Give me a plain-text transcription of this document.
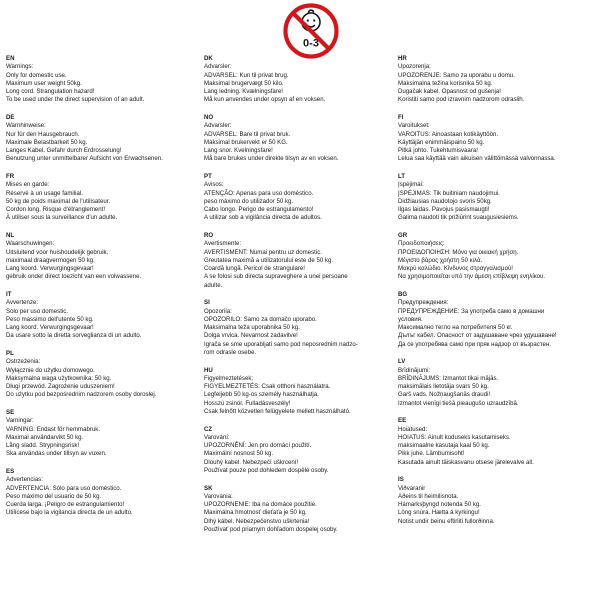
0-3
EN
Warnings:
Only for domestic use.
Maximum user weight 50kg.
Long cord. Strangulation hazard!
To be used under the direct supervision of an adult.
DE
Warnhinweise:
Nur für den Hausgebrauch.
Maximale Belastbarkeit 50 kg.
Langes Kabel. Gefahr durch Erdrosselung!
Benutzung unter unmittelbarer Aufsicht von Erwachsenen.
FR
Mises en garde:
Réservé à un usage familial.
50 kg de poids maximal de l'utilisateur.
Cordon long. Risque d'étranglement!
À utiliser sous la surveillance d'un adulte.
NL
Waarschuwingen:
Uitsluitend voor huishoudelijk gebruik.
maximaal draagvermogen 50 kg.
Lang koord. Verwurgingsgevaar!
gebruik onder direct toezicht van een volwassene.
IT
Avvertenze:
Solo per uso domestic.
Peso massimo dell'utente 50 kg.
Lang koord. Verwurgingsgevaar!
Da usare sotto la diretta sorveglianza di un adulto.
PL
Ostrzeżenia:
Wyłącznie do użytku domowego.
Maksymalna waga użytkownika: 50 kg.
Długi przewód. Zagrożenie uduszeniem!
Do użytku pod bezpośrednim nadzorem osoby dorosłej.
SE
Varningar:
VARNING: Endast för hemmabruk.
Maximal användarvikt 50 kg.
Lång sladd. Strypningsrisk!
Ska användas under tillsyn av vuxen.
ES
Advertencias:
ADVERTENCIA: Sólo para uso doméstico.
Peso máximo del usuario de 50 kg.
Cuerda larga. ¡Peligro de estrangulamiento!
Utilícese bajo la vigilancia directa de un adulto.
DK
Advarsler:
ADVARSEL: Kun til privat brug.
Maksimal brugervægt 50 kilo.
Lang ledning. Kvælningsfare!
Må kun anvendes under opsyn af en voksen.
NO
Advarsler:
ADVARSEL: Bare til privat bruk.
Maksimal brukervekt er 50 KG.
Lang snor. Kvelningsfare!
Må bare brukes under direkte tilsyn av en voksen.
PT
Avisos:
ATENÇÃO: Apenas para uso doméstico.
peso máximo do utilizador 50 kg.
Cabo longo. Perigo de estrangulamento!
A utilizar sob a vigilância directa de adultos.
RO
Avertismente:
AVERTISMENT: Numai pentru uz domestic.
Greutatea maximă a utilizatorului este de 50 kg.
Coardă lungă. Pericol de strangulare!
A se folosi sub directa supraveghere a unei persoane
adulte.
SI
Opozorila:
OPOZORILO: Samo za domačo uporabo.
Maksimalna teža uporabnika 50 kg.
Dolga vrvica. Nevarnost zadavitve!
Igrača se sme uporabljati samo pod neposrednim nadzo-
rom odrasle osebe.
HU
Figyelmeztetések:
FIGYELMEZTETÉS: Csak otthoni használatra.
Legfeljebb 50 kg-os személy használhatja.
Hosszú zsinór. Fulladásveszély!
Csak felnőtt közvetlen felügyelete mellett használható.
CZ
Varování:
UPOZORNĚNÍ: Jen pro domácí použití.
Maximální nosnost 50 kg.
Dlouhý kabel. Nebezpečí uškrcení!
Používat pouze pod dohledem dospělé osoby.
SK
Varovania:
UPOZORNENIE: Iba na domáce použitie.
Maximálna hmotnosť dieťaťa je 50 kg.
Dlhý kábel. Nebezpečenstvo uškrtenia!
Používať pod priamym dohľadom dospelej osoby.
HR
Upozorenja:
UPOZORENJE: Samo za uporabu u domu.
Maksimalna težina korisnika 50 kg.
Dugačak kabel. Opasnost od gušenja!
Koristiti samo pod izravnim nadzorom odraslih.
FI
Varoitukset:
VAROITUS: Ainoastaan kotikäyttöön.
Käyttäjän enimmäispaino 50 kg.
Pitkä johto. Tukehtumisvaara!
Lelua saa käyttää vain aikuisen välittömässä valvonnassa.
LT
Įspėjimai:
ĮSPĖJIMAS: Tik buitiniam naudojimui.
Didžiausias naudotojo svoris 50kg.
Ilgas laidas. Pavojus pasismaugti!
Galima naudoti tik prižiūrint suaugusiesiems.
GR
Προειδοποιήσεις:
ΠΡΟΕΙΔΟΠΟΙΗΣΗ: Μόνο για οικιακή χρήση.
Μέγιστο βάρος χρήστη 50 κιλά.
Μακρύ καλώδιο. Κίνδυνος στραγγαλισμού!
Να χρησιμοποιείται υπό την άμεση επίβλεψη ενηλίκου.
BG
Предупреждения:
ПРЕДУПРЕЖДЕНИЕ: За употреба само в домашни
условия.
Максимално тегло на потребителя 50 кг.
Дълъг кабел. Опасност от задушаване чрез удушаване!
Да се употребява само при пряк надзор от възрастен.
LV
Brīdinājumi:
BRĪDINĀJUMS: Izmantot tikai mājās.
maksimālais lietotāja svars 50 kg.
Garš vads. Nožņaugšanās draudi!
Izmantot vienīgi tiešā pieaugušo uzraudzībā.
EE
Hoiatused:
HOIATUS: Ainult koduseks kasutamiseks.
maksimaalne kasutaja kaal 50 kg.
Pikk juhe. Lämbumisoht!
Kasutada ainult täiskasvanu otsese järelevalve all.
IS
Viðvaranir
Aðeins til heimilisnota.
Hámarksþyngd notenda 50 kg.
Löng snúra. Hætta á kyrkingu!
Notist undir beinu eftirliti fullorðinna.
